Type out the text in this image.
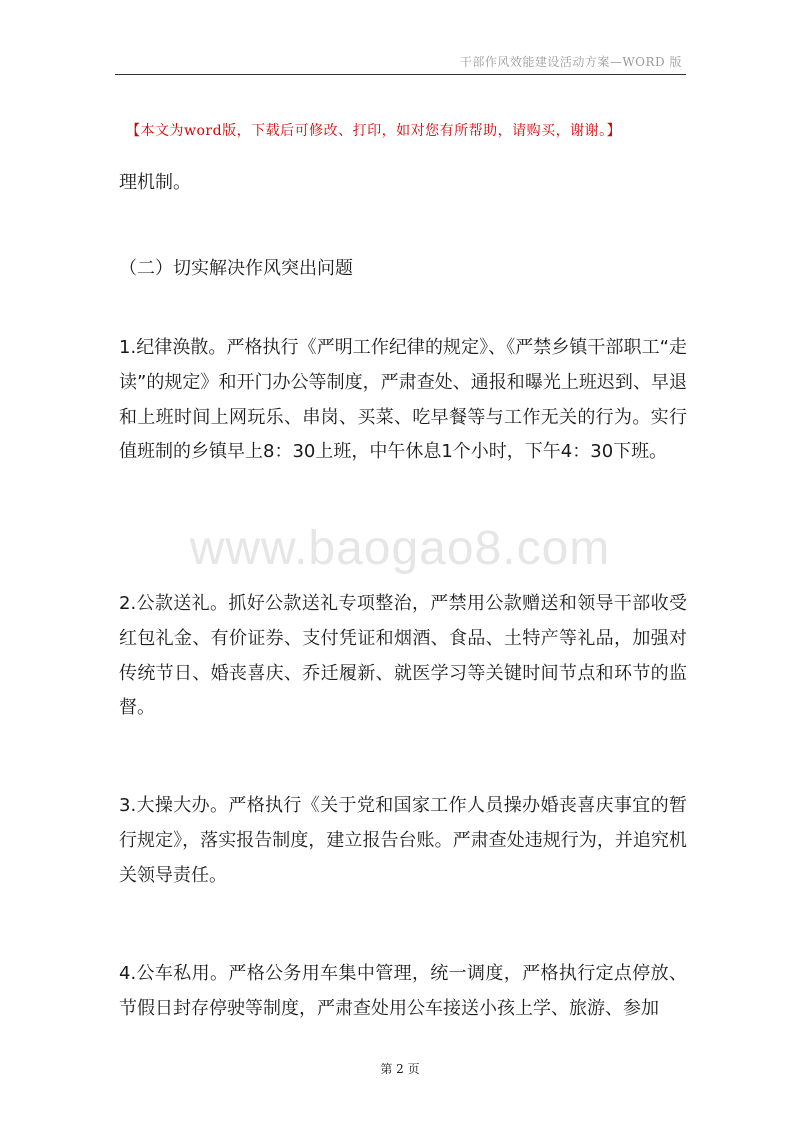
干部作风效能建设活动方案—WORD 版
【本文为word版，下载后可修改、打印，如对您有所帮助，请购买，谢谢。】

理机制。

（二）切实解决作风突出问题

1.纪律涣散。严格执行《严明工作纪律的规定》、《严禁乡镇干部职工“走读”的规定》和开门办公等制度，严肃查处、通报和曝光上班迟到、早退和上班时间上网玩乐、串岗、买菜、吃早餐等与工作无关的行为。实行值班制的乡镇早上8：30上班，中午休息1个小时，下午4：30下班。

www.baogao8.com

2.公款送礼。抓好公款送礼专项整治，严禁用公款赠送和领导干部收受红包礼金、有价证券、支付凭证和烟酒、食品、土特产等礼品，加强对传统节日、婚丧喜庆、乔迁履新、就医学习等关键时间节点和环节的监督。

3.大操大办。严格执行《关于党和国家工作人员操办婚丧喜庆事宜的暂行规定》，落实报告制度，建立报告台账。严肃查处违规行为，并追究机关领导责任。

4.公车私用。严格公务用车集中管理，统一调度，严格执行定点停放、节假日封存停驶等制度，严肃查处用公车接送小孩上学、旅游、参加

第 2 页
